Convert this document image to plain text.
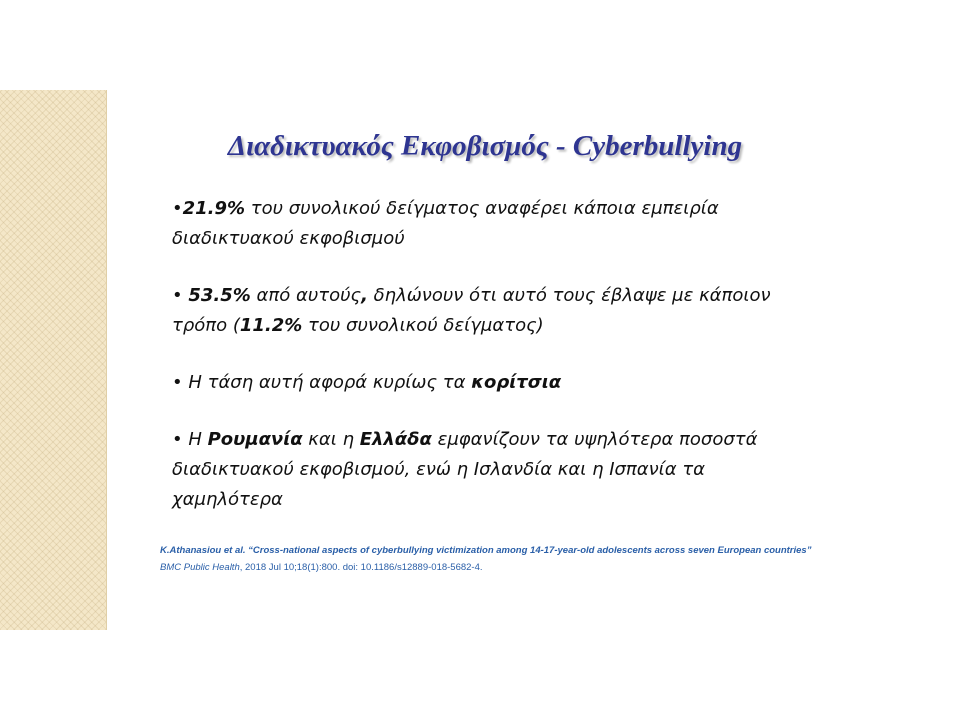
Διαδικτυακός Εκφοβισμός - Cyberbullying
•21.9% του συνολικού δείγματος αναφέρει κάποια εμπειρία διαδικτυακού εκφοβισμού
• 53.5% από αυτούς, δηλώνουν ότι αυτό τους έβλαψε με κάποιον τρόπο (11.2% του συνολικού δείγματος)
• Η τάση αυτή αφορά κυρίως τα κορίτσια
• Η Ρουμανία και η Ελλάδα εμφανίζουν τα υψηλότερα ποσοστά διαδικτυακού εκφοβισμού, ενώ η Ισλανδία και η Ισπανία τα χαμηλότερα
K.Athanasiou et al. “Cross-national aspects of cyberbullying victimization among 14-17-year-old adolescents across seven European countries” BMC Public Health, 2018 Jul 10;18(1):800. doi: 10.1186/s12889-018-5682-4.
